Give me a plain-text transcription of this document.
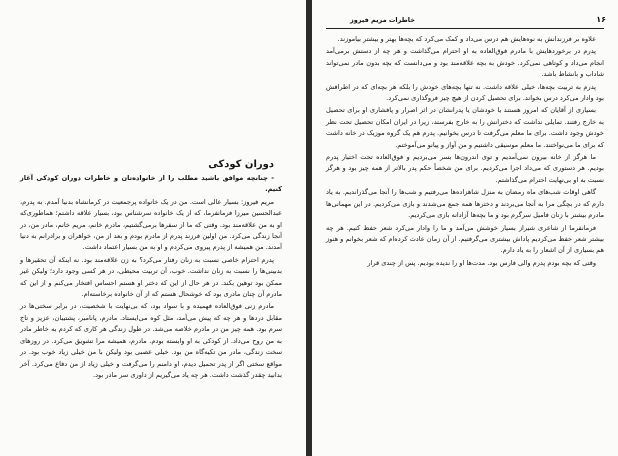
دوران کودکی

- چنانچه موافق باشید مطلب را از خانواده‌تان و خاطرات دوران کودکی آغاز کنیم.

مریم فیروز: بسیار عالی است. من در یک خانواده پرجمعیت در کرمانشاه بدنیا آمدم. به پدرم، عبدالحسین میرزا فرمانفرما، که از یک خانواده سرشناس بود، بسیار علاقه داشتم؛ هماطوری‌که او به من علاقه‌مند بود. وقتی که ما از سفرها برمی‌گشتیم، مادرم خانم، مریم خانم، مادر من، در آنجا زندگی می‌کرد. من اولین فرزند پدرم از مادرم بودم و بعد از من، خواهران و برادرانم به دنیا آمدند. من همیشه از پدرم پیروی می‌کردم و او به من بسیار اعتماد داشت.

پدرم احترام خاصی نسبت به زنان رفتار می‌کرد؟ به زن علاقه‌مند بود. نه اینکه آن تحقیرها و بدبینی‌ها را نسبت به زنان نداشت. خوب، آن تربیت محیطی، در هر کسی وجود دارد؛ ولیکن غیر ممکن بود توهین بکند. در هر حال از این که دختر او هستم احساس افتخار می‌کنم و از این که مادرم آن چنان مادری بود که خوشحال هستم که از آن خانواده برخاسته‌ام.

مادرم زنی فوق‌العاده فهمیده و با سواد بود، که بی‌نهایت با شخصیت، در برابر سختی‌ها در مقابل دردها و هر چه که پیش می‌آمد، مثل کوه می‌ایستاد. مادرم، پانامبر، پشتیبان، عزیز و تاج سرم بود. همه چیز من در مادرم خلاصه می‌شد. در طول زندگی هر کاری که کردم به خاطر مادر به من روح می‌داد. از کودکی به او وابسته بودم. مادرم، همیشه مرا تشویق می‌کرد. در روزهای سخت زندگی، مادر من تکیه‌گاه من بود. خیلی عصبی بود ولیکن با من خیلی زیاد خوب بود. در مواقع سختی اگر از پدر تحمیل دیدم، او دامنم را می‌گرفت و خیلی زیاد از من دفاع می‌کرد. آخر بدانید چقدر گذشت داشت. هر چه یاد می‌گیریم از داوری سر مادر بود.

۱۶
خاطرات مریم فیروز

علاوه بر فرزندانش به نوه‌هایش هم درس می‌داد و کمک می‌کرد که بچه‌ها بهتر و بیشتر بیاموزند.

پدرم در برخوردهایش با مادرم فوق‌العاده به او احترام می‌گذاشت و هر چه از دستش برمی‌آمد انجام می‌داد و کوتاهی نمی‌کرد. خودش به بچه علاقه‌مند بود و می‌دانست که بچه بدون مادر نمی‌تواند شاداب و بانشاط باشد.

پدرم به تربیت بچه‌ها، خیلی علاقه داشت. نه تنها بچه‌های خودش را بلکه هر بچه‌ای که در اطرافش بود وادار می‌کرد درس بخواند. برای تحصیل کردن از هیچ چیز فروگذاری نمی‌کرد.

بسیاری از آقایان که امروز هستند یا خودشان یا پدرانشان در اثر اصرار و پافشاری او برای تحصیل به خارج رفتند. تمایلی نداشت که دخترانش را به خارج بفرستد، زیرا در ایران امکان تحصیل تحت نظر خودش وجود داشت. برای ما معلم می‌گرفت تا درس بخوانیم. پدرم هم یک گروه موزیک در خانه داشت که برای ما می‌نواختند. ما معلم موسیقی داشتیم و من آواز و پیانو می‌آموختم.

ما هرگز از خانه بیرون نمی‌آمدیم و توی اندرون‌ها بسر می‌بردیم و فوق‌العاده تحت اختیار پدرم بودیم. هر دستوری که می‌داد اجرا می‌کردیم. برای من شخصاً حکم پدر بالاتر از همه چیز بود و هرگز نسبت به او بی‌نهایت احترام می‌گذاشتم.

گاهی اوقات شب‌های ماه رمضان به منزل شاهزاده‌ها می‌رفتیم و شب‌ها را آنجا می‌گذراندیم. به یاد دارم که در بچگی مرا به آنجا می‌بردند و دخترها همه جمع می‌شدند و بازی می‌کردیم. در این مهمانی‌ها مادرم بیشتر با زنان فامیل سرگرم بود و ما بچه‌ها آزادانه بازی می‌کردیم.

فرمانفرما از شاعری شیراز بسیار خوشش می‌آمد و ما را وادار می‌کرد شعر حفظ کنیم. هر چه بیشتر شعر حفظ می‌کردیم پاداش بیشتری می‌گرفتیم. از آن زمان عادت کرده‌ام که شعر بخوانم و هنوز هم بسیاری از آن اشعار را به یاد دارم.

وقتی که بچه بودم پدرم والی فارس بود. مدت‌ها او را ندیده بودیم. پس از چندی قرار
